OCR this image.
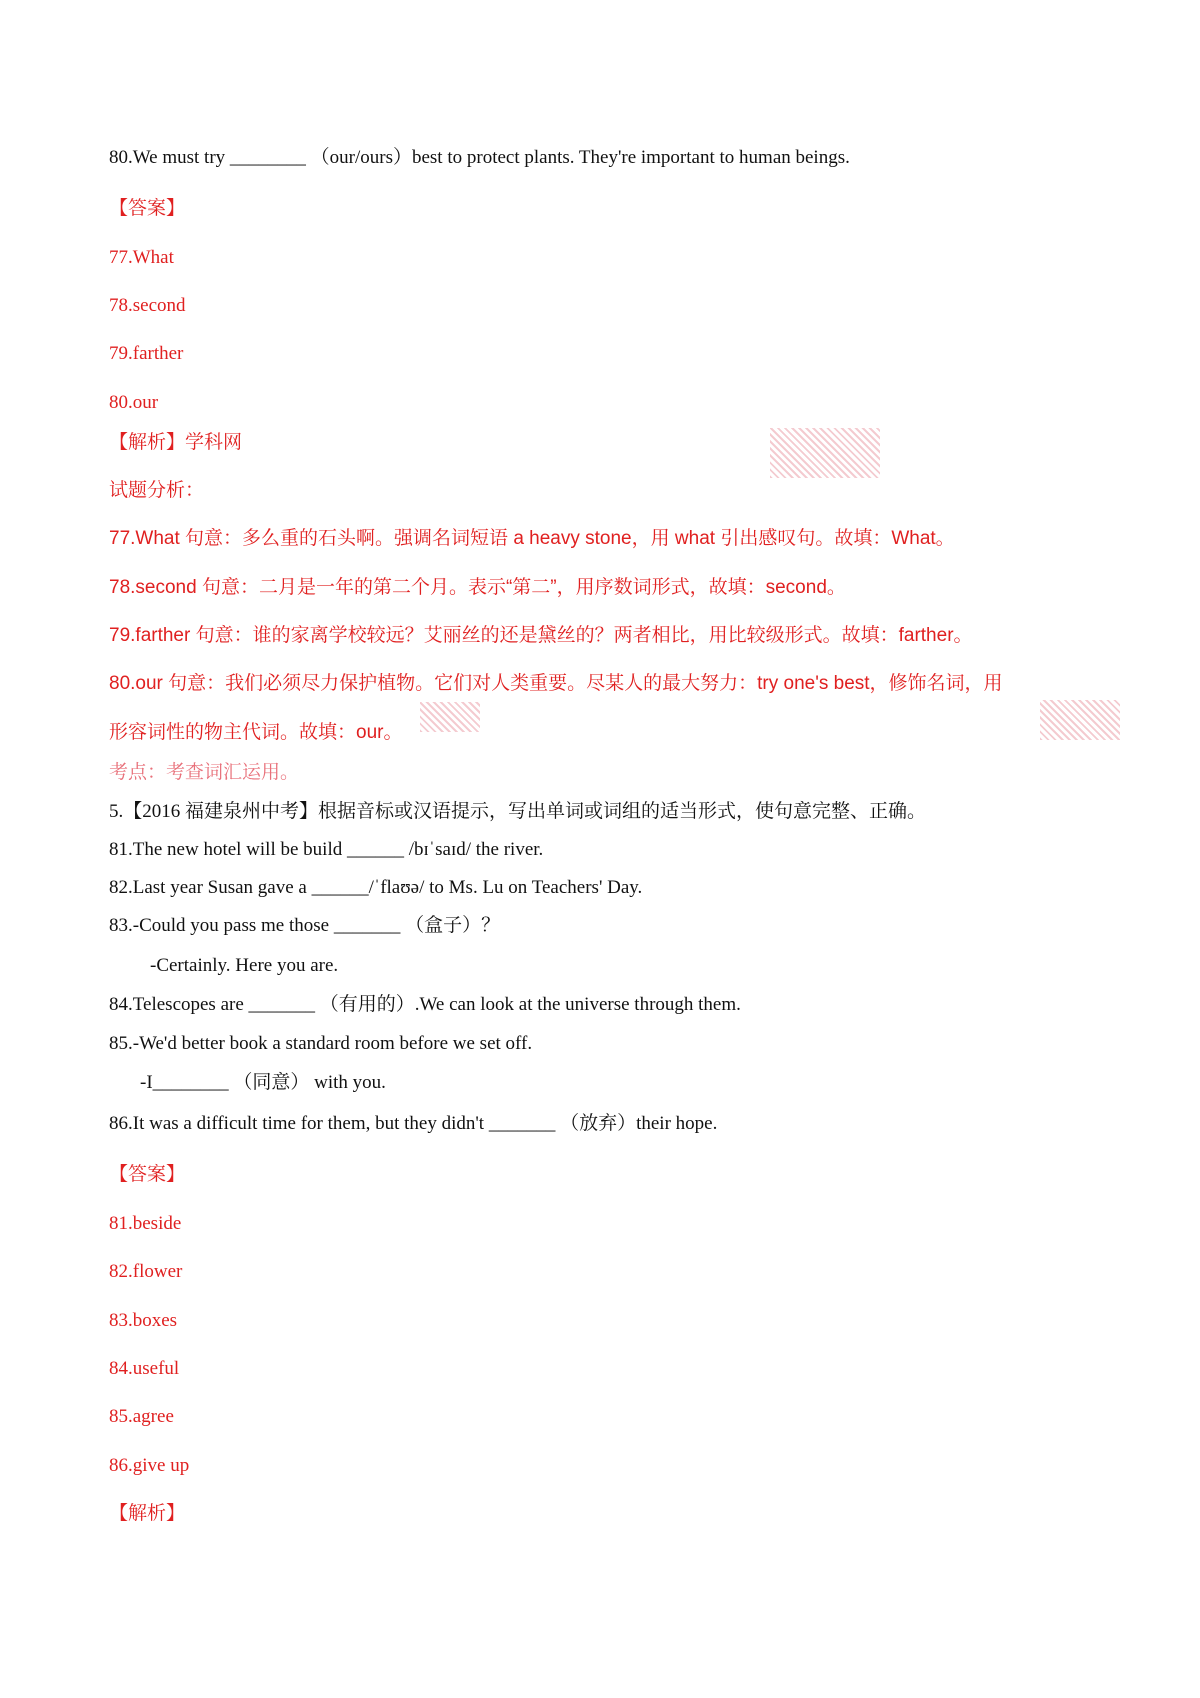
80.We must try ________ （our/ours）best to protect plants. They're important to human beings.
【答案】
77.What
78.second
79.farther
80.our
【解析】学科网
试题分析：
77.What 句意：多么重的石头啊。强调名词短语 a heavy stone，用 what 引出感叹句。故填：What。
78.second 句意：二月是一年的第二个月。表示“第二”，用序数词形式，故填：second。
79.farther 句意：谁的家离学校较远？艾丽丝的还是黛丝的？两者相比，用比较级形式。故填：farther。
80.our 句意：我们必须尽力保护植物。它们对人类重要。尽某人的最大努力：try one's best，修饰名词，用
形容词性的物主代词。故填：our。
考点：考查词汇运用。
5.【2016 福建泉州中考】根据音标或汉语提示，写出单词或词组的适当形式，使句意完整、正确。
81.The new hotel will be build ______ /bɪˈsaɪd/ the river.
82.Last year Susan gave a ______/ˈflaʊə/ to Ms. Lu on Teachers' Day.
83.-Could you pass me those _______ （盒子）？
-Certainly. Here you are.
84.Telescopes are _______ （有用的）.We can look at the universe through them.
85.-We'd better book a standard room before we set off.
-I________ （同意） with you.
86.It was a difficult time for them, but they didn't _______ （放弃）their hope.
【答案】
81.beside
82.flower
83.boxes
84.useful
85.agree
86.give up
【解析】
